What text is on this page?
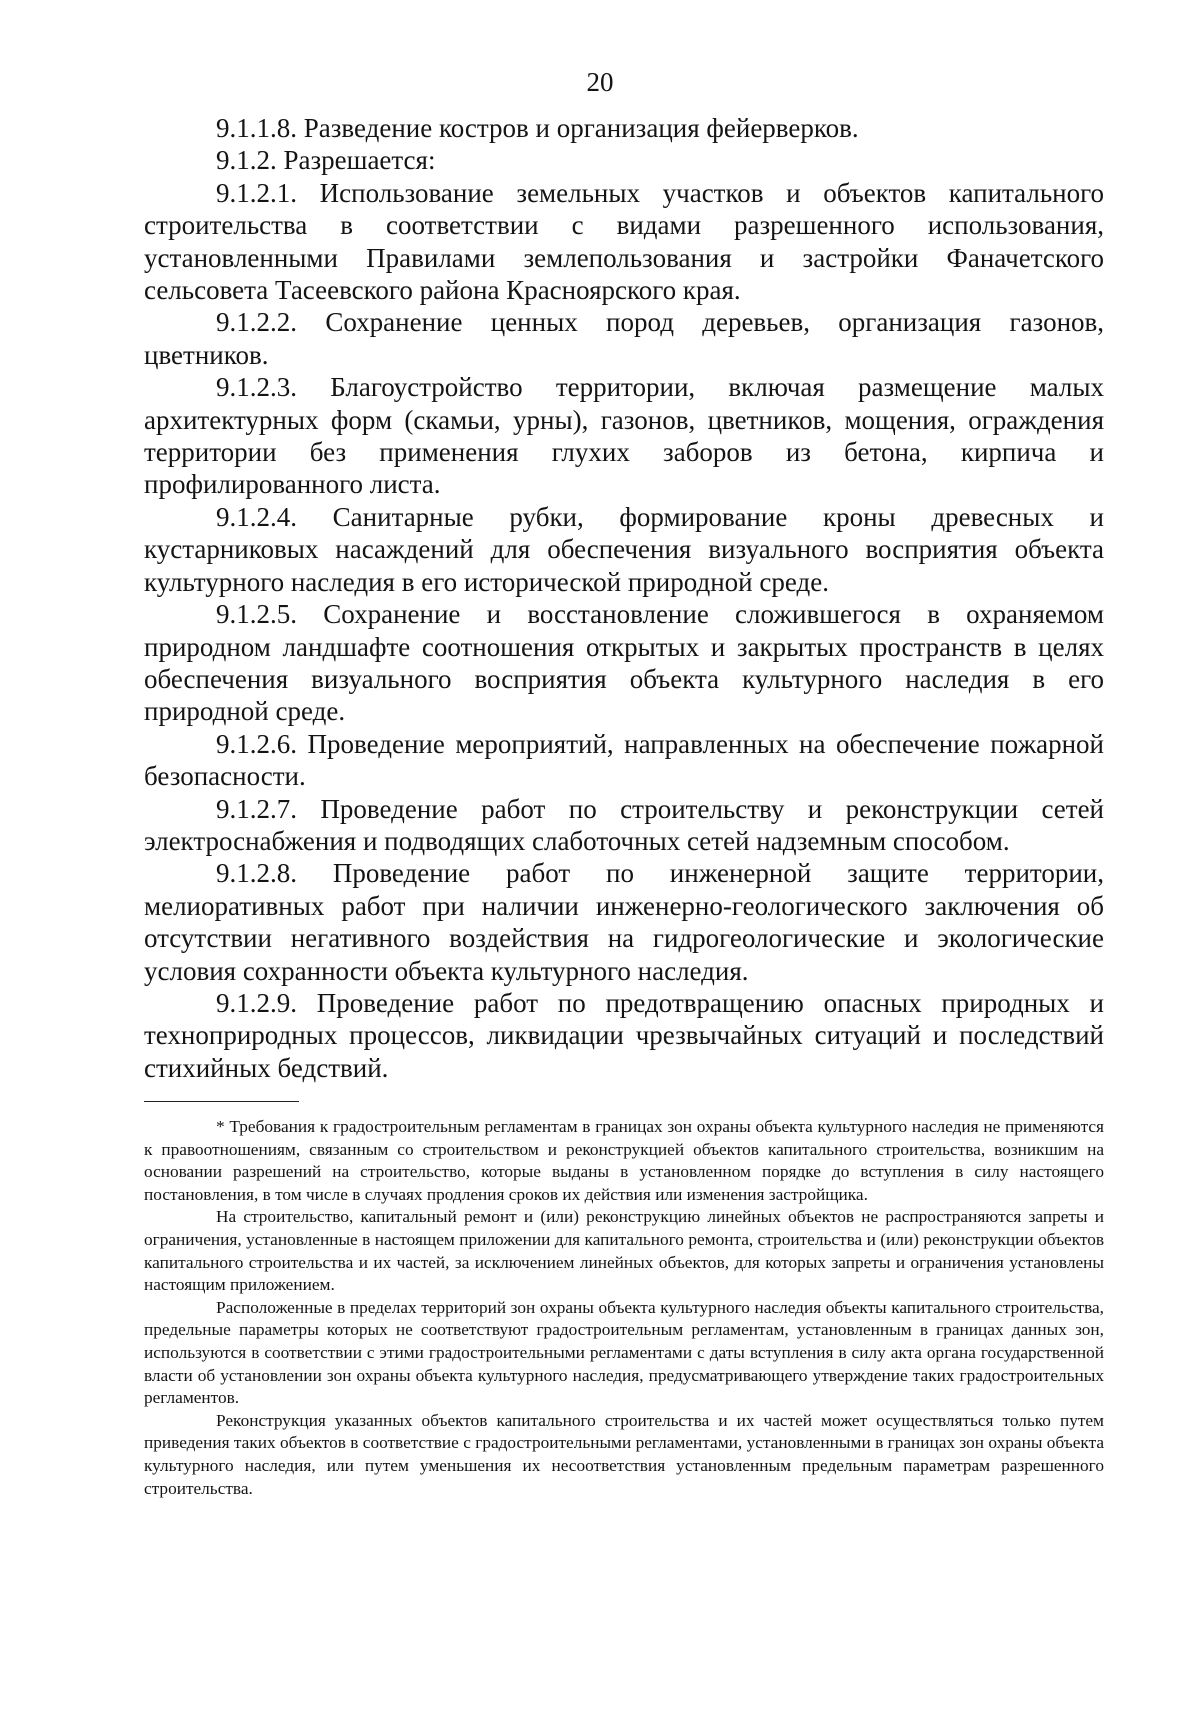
20

9.1.1.8. Разведение костров и организация фейерверков.

9.1.2. Разрешается:

9.1.2.1. Использование земельных участков и объектов капитального строительства в соответствии с видами разрешенного использования, установленными Правилами землепользования и застройки Фаначетского сельсовета Тасеевского района Красноярского края.

9.1.2.2. Сохранение ценных пород деревьев, организация газонов, цветников.

9.1.2.3. Благоустройство территории, включая размещение малых архитектурных форм (скамьи, урны), газонов, цветников, мощения, ограждения территории без применения глухих заборов из бетона, кирпича и профилированного листа.

9.1.2.4. Санитарные рубки, формирование кроны древесных и кустарниковых насаждений для обеспечения визуального восприятия объекта культурного наследия в его исторической природной среде.

9.1.2.5. Сохранение и восстановление сложившегося в охраняемом природном ландшафте соотношения открытых и закрытых пространств в целях обеспечения визуального восприятия объекта культурного наследия в его природной среде.

9.1.2.6. Проведение мероприятий, направленных на обеспечение пожарной безопасности.

9.1.2.7. Проведение работ по строительству и реконструкции сетей электроснабжения и подводящих слаботочных сетей надземным способом.

9.1.2.8. Проведение работ по инженерной защите территории, мелиоративных работ при наличии инженерно-геологического заключения об отсутствии негативного воздействия на гидрогеологические и экологические условия сохранности объекта культурного наследия.

9.1.2.9. Проведение работ по предотвращению опасных природных и техноприродных процессов, ликвидации чрезвычайных ситуаций и последствий стихийных бедствий.

* Требования к градостроительным регламентам в границах зон охраны объекта культурного наследия не применяются к правоотношениям, связанным со строительством и реконструкцией объектов капитального строительства, возникшим на основании разрешений на строительство, которые выданы в установленном порядке до вступления в силу настоящего постановления, в том числе в случаях продления сроков их действия или изменения застройщика.

На строительство, капитальный ремонт и (или) реконструкцию линейных объектов не распространяются запреты и ограничения, установленные в настоящем приложении для капитального ремонта, строительства и (или) реконструкции объектов капитального строительства и их частей, за исключением линейных объектов, для которых запреты и ограничения установлены настоящим приложением.

Расположенные в пределах территорий зон охраны объекта культурного наследия объекты капитального строительства, предельные параметры которых не соответствуют градостроительным регламентам, установленным в границах данных зон, используются в соответствии с этими градостроительными регламентами с даты вступления в силу акта органа государственной власти об установлении зон охраны объекта культурного наследия, предусматривающего утверждение таких градостроительных регламентов.

Реконструкция указанных объектов капитального строительства и их частей может осуществляться только путем приведения таких объектов в соответствие с градостроительными регламентами, установленными в границах зон охраны объекта культурного наследия, или путем уменьшения их несоответствия установленным предельным параметрам разрешенного строительства.
